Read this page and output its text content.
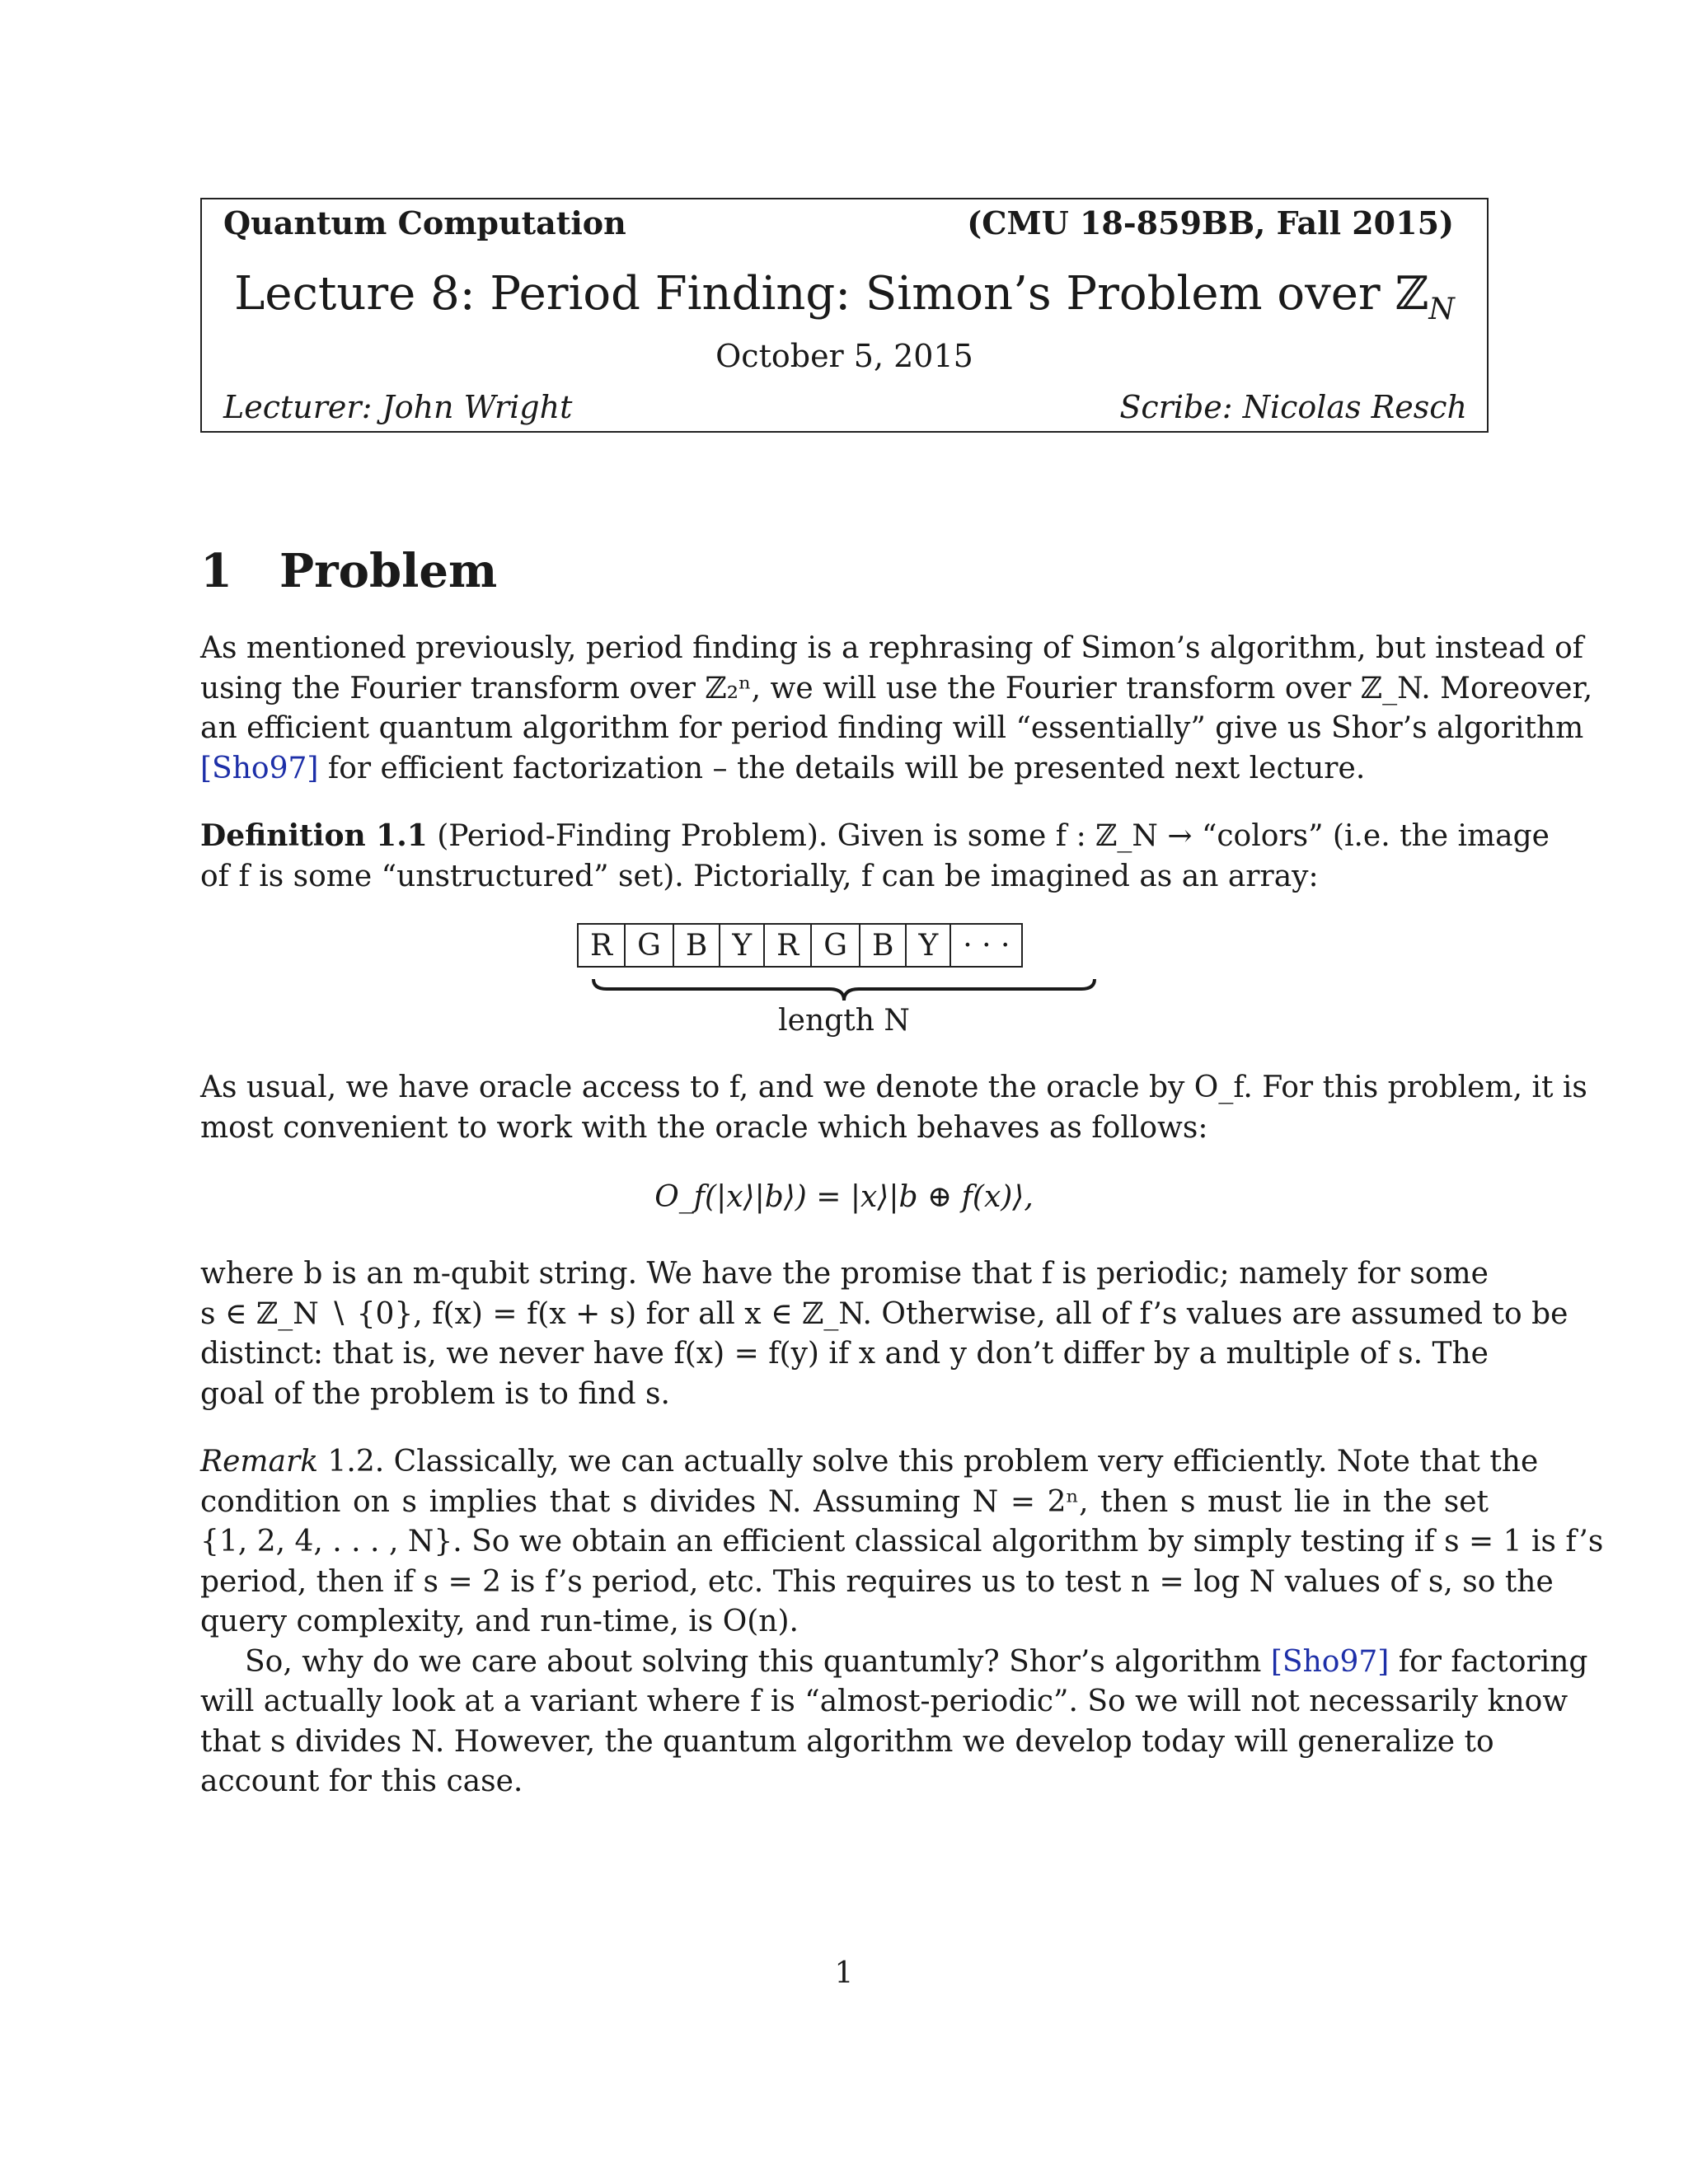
Quantum Computation	(CMU 18-859BB, Fall 2015)
Lecture 8: Period Finding: Simon’s Problem over ℤ$_N$
October 5, 2015
Lecturer: John Wright	Scribe: Nicolas Resch
1 Problem
As mentioned previously, period finding is a rephrasing of Simon’s algorithm, but instead of
using the Fourier transform over ℤ₂ⁿ, we will use the Fourier transform over ℤ_N. Moreover,
an efficient quantum algorithm for period finding will “essentially” give us Shor’s algorithm
[Sho97] for efficient factorization – the details will be presented next lecture.
Definition 1.1 (Period-Finding Problem). Given is some f : ℤ_N → “colors” (i.e. the image
of f is some “unstructured” set). Pictorially, f can be imagined as an array:
R	G	B	Y	R	G	B	Y	· · ·
length N
As usual, we have oracle access to f, and we denote the oracle by O_f. For this problem, it is
most convenient to work with the oracle which behaves as follows:
O_f(|x⟩|b⟩) = |x⟩|b ⊕ f(x)⟩,
where b is an m-qubit string. We have the promise that f is periodic; namely for some
s ∈ ℤ_N ∖ {0}, f(x) = f(x + s) for all x ∈ ℤ_N. Otherwise, all of f’s values are assumed to be
distinct: that is, we never have f(x) = f(y) if x and y don’t differ by a multiple of s. The
goal of the problem is to find s.
Remark 1.2. Classically, we can actually solve this problem very efficiently. Note that the
condition on s implies that s divides N. Assuming N = 2ⁿ, then s must lie in the set
{1, 2, 4, . . . , N}. So we obtain an efficient classical algorithm by simply testing if s = 1 is f’s
period, then if s = 2 is f’s period, etc. This requires us to test n = log N values of s, so the
query complexity, and run-time, is O(n).
So, why do we care about solving this quantumly? Shor’s algorithm [Sho97] for factoring
will actually look at a variant where f is “almost-periodic”. So we will not necessarily know
that s divides N. However, the quantum algorithm we develop today will generalize to
account for this case.
1
